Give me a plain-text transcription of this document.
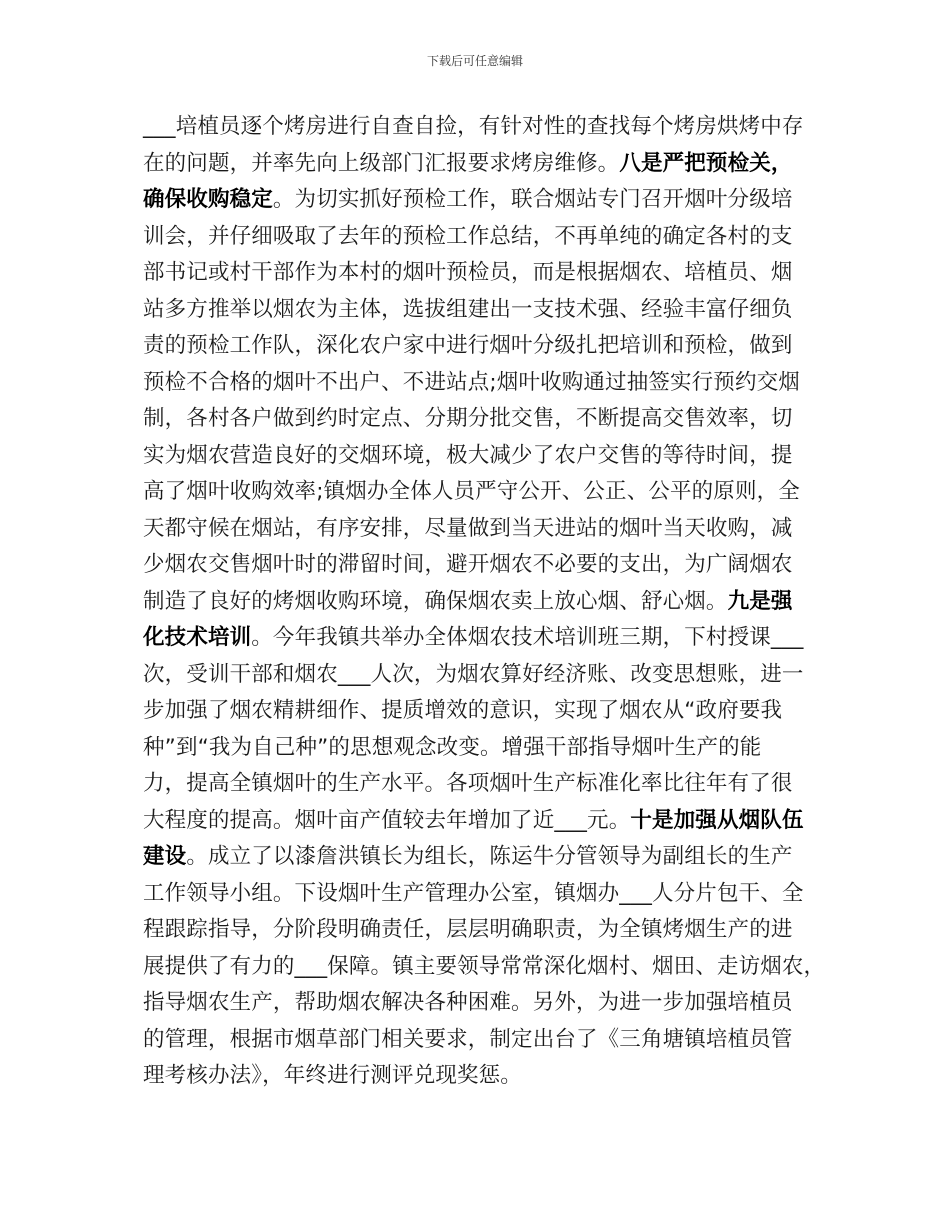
下载后可任意编辑
___培植员逐个烤房进行自查自捡，有针对性的查找每个烤房烘烤中存
在的问题，并率先向上级部门汇报要求烤房维修。八是严把预检关，
确保收购稳定。为切实抓好预检工作，联合烟站专门召开烟叶分级培
训会，并仔细吸取了去年的预检工作总结，不再单纯的确定各村的支
部书记或村干部作为本村的烟叶预检员，而是根据烟农、培植员、烟
站多方推举以烟农为主体，选拔组建出一支技术强、经验丰富仔细负
责的预检工作队，深化农户家中进行烟叶分级扎把培训和预检，做到
预检不合格的烟叶不出户、不进站点;烟叶收购通过抽签实行预约交烟
制，各村各户做到约时定点、分期分批交售，不断提高交售效率，切
实为烟农营造良好的交烟环境，极大减少了农户交售的等待时间，提
高了烟叶收购效率;镇烟办全体人员严守公开、公正、公平的原则，全
天都守候在烟站，有序安排，尽量做到当天进站的烟叶当天收购，减
少烟农交售烟叶时的滞留时间，避开烟农不必要的支出，为广阔烟农
制造了良好的烤烟收购环境，确保烟农卖上放心烟、舒心烟。九是强
化技术培训。今年我镇共举办全体烟农技术培训班三期，下村授课___
次，受训干部和烟农___人次，为烟农算好经济账、改变思想账，进一
步加强了烟农精耕细作、提质增效的意识，实现了烟农从“政府要我
种”到“我为自己种”的思想观念改变。增强干部指导烟叶生产的能
力，提高全镇烟叶的生产水平。各项烟叶生产标准化率比往年有了很
大程度的提高。烟叶亩产值较去年增加了近___元。十是加强从烟队伍
建设。成立了以漆詹洪镇长为组长，陈运牛分管领导为副组长的生产
工作领导小组。下设烟叶生产管理办公室，镇烟办___人分片包干、全
程跟踪指导，分阶段明确责任，层层明确职责，为全镇烤烟生产的进
展提供了有力的___保障。镇主要领导常常深化烟村、烟田、走访烟农，
指导烟农生产，帮助烟农解决各种困难。另外，为进一步加强培植员
的管理，根据市烟草部门相关要求，制定出台了《三角塘镇培植员管
理考核办法》，年终进行测评兑现奖惩。
